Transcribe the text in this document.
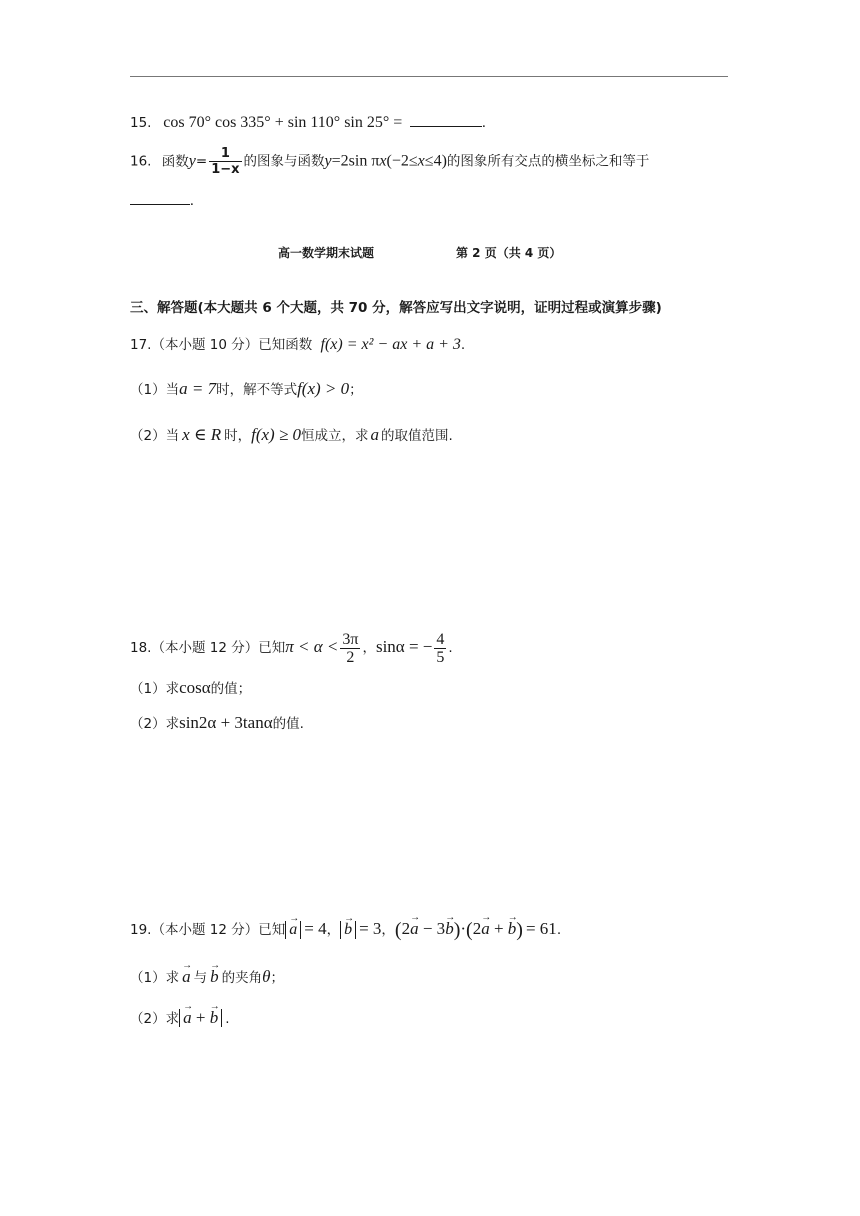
15. cos 70° cos 335° + sin 110° sin 25° =	.
16. 函数$y= \frac{1}{1-x}$ 的图象与函数y=2sin πx(−2≤x≤4)的图象所有交点的横坐标之和等于
.
高一数学期末试题	第 2 页（共 4 页）
三、解答题(本大题共 6 个大题，共 70 分，解答应写出文字说明，证明过程或演算步骤)
17.（本小题 10 分）已知函数 f(x) = x² − ax + a + 3.
（1）当a = 7时，解不等式f(x) > 0；
（2）当 x ∈ R 时，f(x) ≥ 0恒成立，求 a 的取值范围.
18.（本小题 12 分）已知$\pi < \alpha < \frac{3\pi}{2}$ ，sinα = − $\frac{4}{5}$ .
（1）求cosα的值；
（2）求sin2α + 3tanα的值.
19.（本小题 12 分）已知 → a = 4， → b = 3，(2→ a − 3→ b)·(2→ a + → b) = 61.
（1）求 → a 与 → b 的夹角θ；
（2）求 → a + → b .
